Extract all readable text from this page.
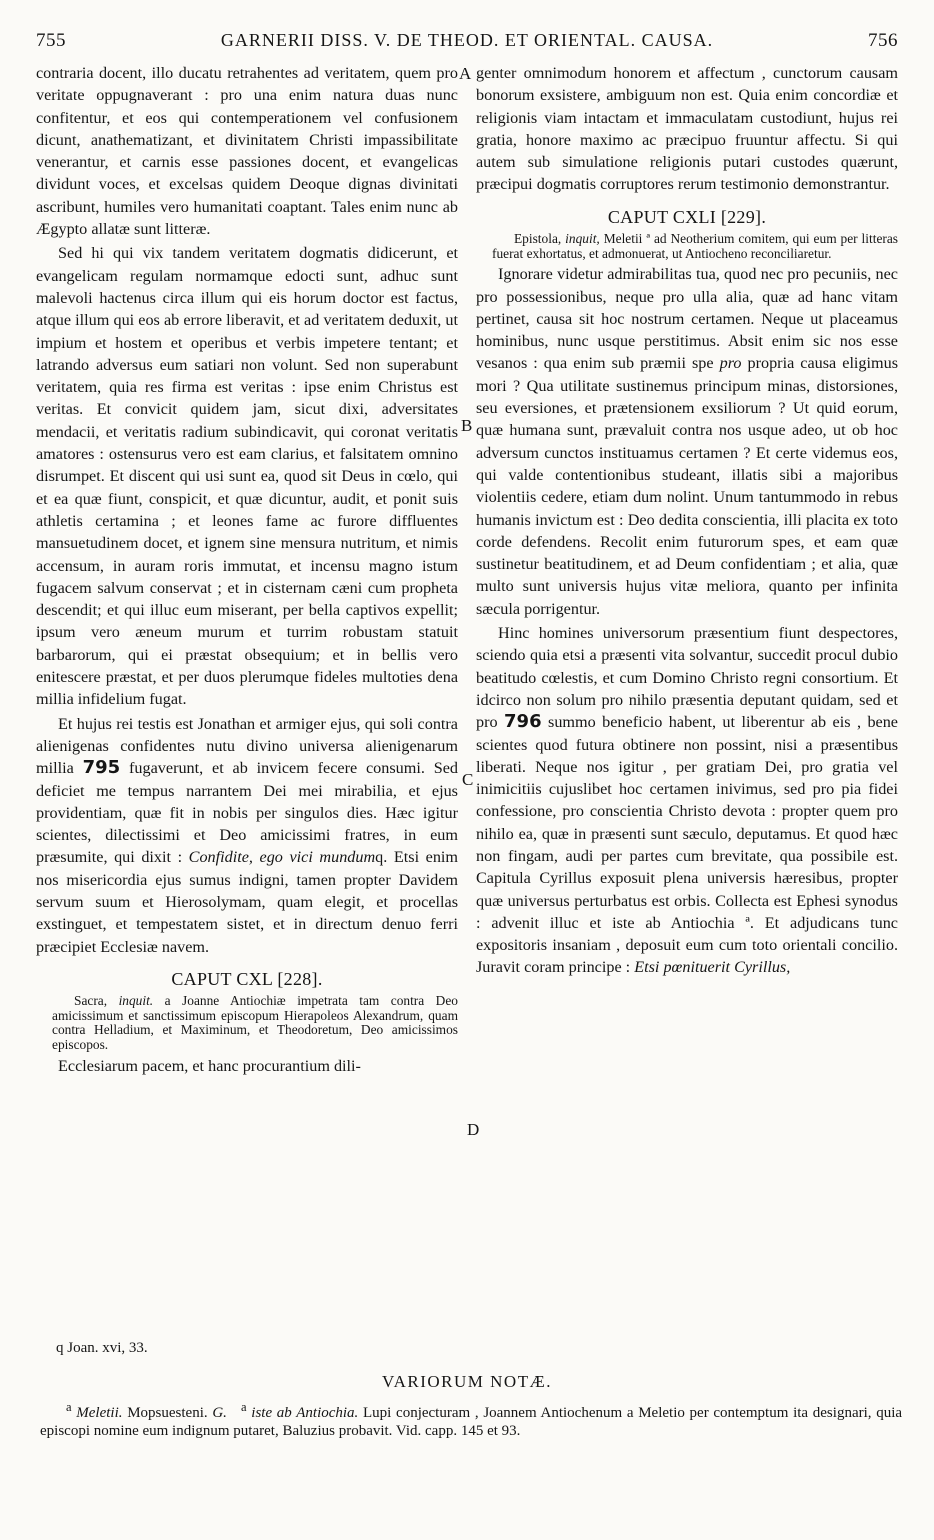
755	GARNERII DISS. V. DE THEOD. ET ORIENTAL. CAUSA.	756
A
B
C
D

contraria docent, illo ducatu retrahentes ad veritatem, quem pro veritate oppugnaverant : pro una enim natura duas nunc confitentur, et eos qui contemperationem vel confusionem dicunt, anathematizant, et divinitatem Christi impassibilitate venerantur, et carnis esse passiones docent, et evangelicas dividunt voces, et excelsas quidem Deoque dignas divinitati ascribunt, humiles vero humanitati coaptant. Tales enim nunc ab Ægypto allatæ sunt litteræ.

Sed hi qui vix tandem veritatem dogmatis didicerunt, et evangelicam regulam normamque edocti sunt, adhuc sunt malevoli hactenus circa illum qui eis horum doctor est factus, atque illum qui eos ab errore liberavit, et ad veritatem deduxit, ut impium et hostem et operibus et verbis impetere tentant; et latrando adversus eum satiari non volunt. Sed non superabunt veritatem, quia res firma est veritas : ipse enim Christus est veritas. Et convicit quidem jam, sicut dixi, adversitates mendacii, et veritatis radium subindicavit, qui coronat veritatis amatores : ostensurus vero est eam clarius, et falsitatem omnino disrumpet. Et discent qui usi sunt ea, quod sit Deus in cœlo, qui et ea quæ fiunt, conspicit, et quæ dicuntur, audit, et ponit suis athletis certamina ; et leones fame ac furore diffluentes mansuetudinem docet, et ignem sine mensura nutritum, et nimis accensum, in auram roris immutat, et incensu magno istum fugacem salvum conservat ; et in cisternam cæni cum propheta descendit; et qui illuc eum miserant, per bella captivos expellit; ipsum vero æneum murum et turrim robustam statuit barbarorum, qui ei præstat obsequium; et in bellis vero enitescere præstat, et per duos plerumque fideles multoties dena millia infidelium fugat.

Et hujus rei testis est Jonathan et armiger ejus, qui soli contra alienigenas confidentes nutu divino universa alienigenarum millia 795 fugaverunt, et ab invicem fecere consumi. Sed deficiet me tempus narrantem Dei mei mirabilia, et ejus providentiam, quæ fit in nobis per singulos dies. Hæc igitur scientes, dilectissimi et Deo amicissimi fratres, in eum præsumite, qui dixit : Confidite, ego vici mundumq. Etsi enim nos misericordia ejus sumus indigni, tamen propter Davidem servum suum et Hierosolymam, quam elegit, et procellas exstinguet, et tempestatem sistet, et in directum denuo ferri præcipiet Ecclesiæ navem.

CAPUT CXL [228].

Sacra, inquit. a Joanne Antiochiæ impetrata tam contra Deo amicissimum et sanctissimum episcopum Hierapoleos Alexandrum, quam contra Helladium, et Maximinum, et Theodoretum, Deo amicissimos episcopos.

Ecclesiarum pacem, et hanc procurantium dili-

genter omnimodum honorem et affectum , cunctorum causam bonorum exsistere, ambiguum non est. Quia enim concordiæ et religionis viam intactam et immaculatam custodiunt, hujus rei gratia, honore maximo ac præcipuo fruuntur affectu. Si qui autem sub simulatione religionis putari custodes quærunt, præcipui dogmatis corruptores rerum testimonio demonstrantur.

CAPUT CXLI [229].

Epistola, inquit, Meletii ª ad Neotherium comitem, qui eum per litteras fuerat exhortatus, et admonuerat, ut Antiocheno reconciliaretur.

Ignorare videtur admirabilitas tua, quod nec pro pecuniis, nec pro possessionibus, neque pro ulla alia, quæ ad hanc vitam pertinet, causa sit hoc nostrum certamen. Neque ut placeamus hominibus, nunc usque perstitimus. Absit enim sic nos esse vesanos : qua enim sub præmii spe pro propria causa eligimus mori ? Qua utilitate sustinemus principum minas, distorsiones, seu eversiones, et prætensionem exsiliorum ? Ut quid eorum, quæ humana sunt, prævaluit contra nos usque adeo, ut ob hoc adversum cunctos instituamus certamen ? Et certe videmus eos, qui valde contentionibus studeant, illatis sibi a majoribus violentiis cedere, etiam dum nolint. Unum tantummodo in rebus humanis invictum est : Deo dedita conscientia, illi placita ex toto corde defendens. Recolit enim futurorum spes, et eam quæ sustinetur beatitudinem, et ad Deum confidentiam ; et alia, quæ multo sunt universis hujus vitæ meliora, quanto per infinita sæcula porrigentur.

Hinc homines universorum præsentium fiunt despectores, sciendo quia etsi a præsenti vita solvantur, succedit procul dubio beatitudo cœlestis, et cum Domino Christo regni consortium. Et idcirco non solum pro nihilo præsentia deputant quidam, sed et pro 796 summo beneficio habent, ut liberentur ab eis , bene scientes quod futura obtinere non possint, nisi a præsentibus liberati. Neque nos igitur , per gratiam Dei, pro gratia vel inimicitiis cujuslibet hoc certamen inivimus, sed pro pia fidei confessione, pro conscientia Christo devota : propter quem pro nihilo ea, quæ in præsenti sunt sæculo, deputamus. Et quod hæc non fingam, audi per partes cum brevitate, qua possibile est. Capitula Cyrillus exposuit plena universis hæresibus, propter quæ universus perturbatus est orbis. Collecta est Ephesi synodus : advenit illuc et iste ab Antiochia ª. Et adjudicans tunc expositoris insaniam , deposuit eum cum toto orientali concilio. Juravit coram principe : Etsi pœnituerit Cyrillus,

q Joan. xvi, 33.
VARIORUM NOTÆ.
$^a$ Meletii. Mopsuesteni. G. $^a$ iste ab Antiochia. Lupi conjecturam , Joannem Antiochenum a Meletio per contemptum ita designari, quia episcopi nomine eum indignum putaret, Baluzius probavit. Vid. capp. 145 et 93.
